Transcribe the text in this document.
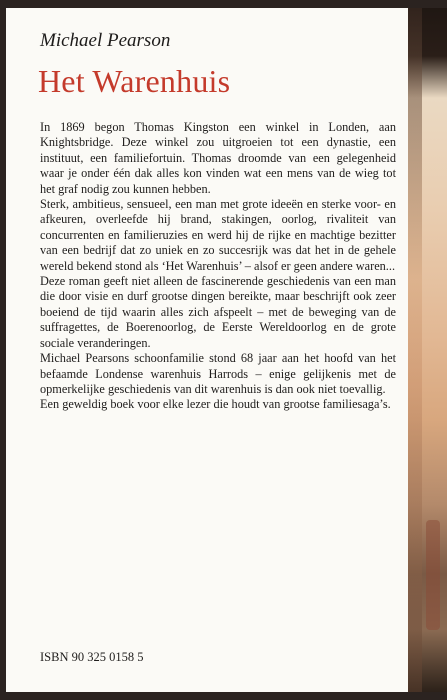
Michael Pearson
Het Warenhuis

In 1869 begon Thomas Kingston een winkel in Londen, aan Knightsbridge. Deze winkel zou uitgroeien tot een dynastie, een instituut, een familiefortuin. Thomas droomde van een gelegenheid waar je onder één dak alles kon vinden wat een mens van de wieg tot het graf nodig zou kunnen hebben.

Sterk, ambitieus, sensueel, een man met grote ideeën en sterke voor- en afkeuren, overleefde hij brand, stakingen, oorlog, rivaliteit van concurrenten en familieruzies en werd hij de rijke en machtige bezitter van een bedrijf dat zo uniek en zo succesrijk was dat het in de gehele wereld bekend stond als ‘Het Warenhuis’ – alsof er geen andere waren...

Deze roman geeft niet alleen de fascinerende geschiedenis van een man die door visie en durf grootse dingen bereikte, maar beschrijft ook zeer boeiend de tijd waarin alles zich afspeelt – met de beweging van de suffragettes, de Boerenoorlog, de Eerste Wereldoorlog en de grote sociale veranderingen.

Michael Pearsons schoonfamilie stond 68 jaar aan het hoofd van het befaamde Londense warenhuis Harrods – enige gelijkenis met de opmerkelijke geschiedenis van dit warenhuis is dan ook niet toevallig.

Een geweldig boek voor elke lezer die houdt van grootse familiesaga’s.

ISBN 90 325 0158 5
